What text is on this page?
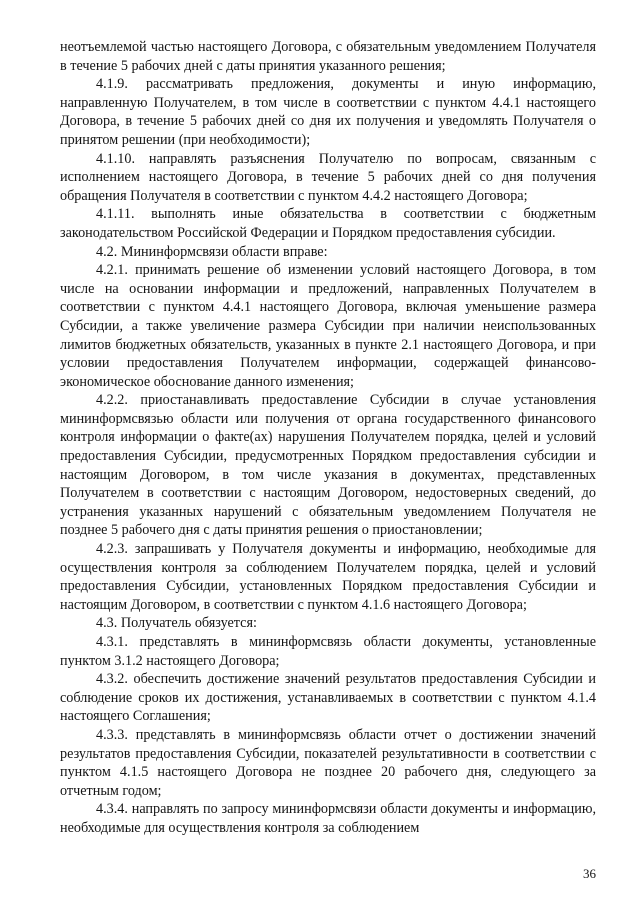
неотъемлемой частью настоящего Договора, с обязательным уведомлением Получателя в течение 5 рабочих дней с даты принятия указанного решения;

4.1.9. рассматривать предложения, документы и иную информацию, направленную Получателем, в том числе в соответствии с пунктом 4.4.1 настоящего Договора, в течение 5 рабочих дней со дня их получения и уведомлять Получателя о принятом решении (при необходимости);

4.1.10. направлять разъяснения Получателю по вопросам, связанным с исполнением настоящего Договора, в течение 5 рабочих дней со дня получения обращения Получателя в соответствии с пунктом 4.4.2 настоящего Договора;

4.1.11. выполнять иные обязательства в соответствии с бюджетным законодательством Российской Федерации и Порядком предоставления субсидии.

4.2. Мининформсвязи области вправе:

4.2.1. принимать решение об изменении условий настоящего Договора, в том числе на основании информации и предложений, направленных Получателем в соответствии с пунктом 4.4.1 настоящего Договора, включая уменьшение размера Субсидии, а также увеличение размера Субсидии при наличии неиспользованных лимитов бюджетных обязательств, указанных в пункте 2.1 настоящего Договора, и при условии предоставления Получателем информации, содержащей финансово-экономическое обоснование данного изменения;

4.2.2. приостанавливать предоставление Субсидии в случае установления мининформсвязью области или получения от органа государственного финансового контроля информации о факте(ах) нарушения Получателем порядка, целей и условий предоставления Субсидии, предусмотренных Порядком предоставления субсидии и настоящим Договором, в том числе указания в документах, представленных Получателем в соответствии с настоящим Договором, недостоверных сведений, до устранения указанных нарушений с обязательным уведомлением Получателя не позднее 5 рабочего дня с даты принятия решения о приостановлении;

4.2.3. запрашивать у Получателя документы и информацию, необходимые для осуществления контроля за соблюдением Получателем порядка, целей и условий предоставления Субсидии, установленных Порядком предоставления Субсидии и настоящим Договором, в соответствии с пунктом 4.1.6 настоящего Договора;

4.3. Получатель обязуется:

4.3.1. представлять в мининформсвязь области документы, установленные пунктом 3.1.2 настоящего Договора;

4.3.2. обеспечить достижение значений результатов предоставления Субсидии и соблюдение сроков их достижения, устанавливаемых в соответствии с пунктом 4.1.4 настоящего Соглашения;

4.3.3. представлять в мининформсвязь области отчет о достижении значений результатов предоставления Субсидии, показателей результативности в соответствии с пунктом 4.1.5 настоящего Договора не позднее 20 рабочего дня, следующего за отчетным годом;

4.3.4. направлять по запросу мининформсвязи области документы и информацию, необходимые для осуществления контроля за соблюдением

36
